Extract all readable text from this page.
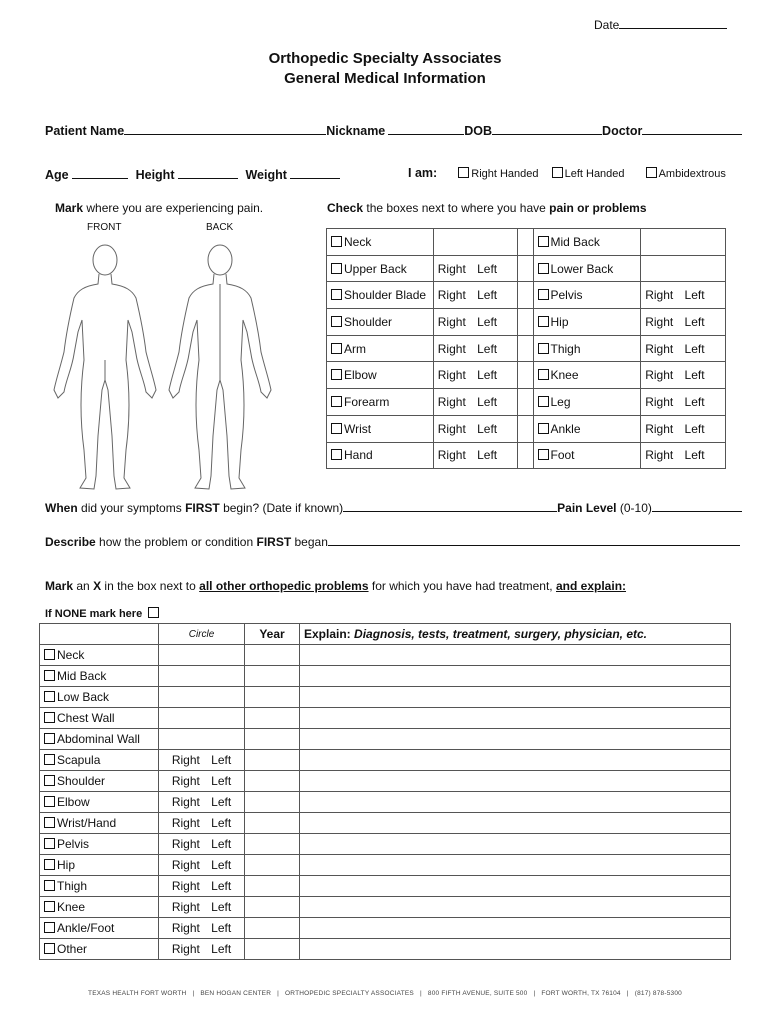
Date
Orthopedic Specialty Associates
General Medical Information
Patient Name	Nickname	DOB	Doctor
Age	Height	Weight	I am:	Right Handed Left Handed	Ambidextrous
Mark where you are experiencing pain.
FRONT	BACK
Check the boxes next to where you have pain or problems
Neck			Mid Back	
Upper Back	Right Left		Lower Back	
Shoulder Blade	Right Left		Pelvis	Right Left
Shoulder	Right Left		Hip	Right Left
Arm	Right Left		Thigh	Right Left
Elbow	Right Left		Knee	Right Left
Forearm	Right Left		Leg	Right Left
Wrist	Right Left		Ankle	Right Left
Hand	Right Left		Foot	Right Left
When did your symptoms FIRST begin? (Date if known)	Pain Level (0-10)
Describe how the problem or condition FIRST began
Mark an X in the box next to all other orthopedic problems for which you have had treatment, and explain:
If NONE mark here
	Circle	Year	Explain: Diagnosis, tests, treatment, surgery, physician, etc.
Neck			
Mid Back			
Low Back			
Chest Wall			
Abdominal Wall			
Scapula	Right Left		
Shoulder	Right Left		
Elbow	Right Left		
Wrist/Hand	Right Left		
Pelvis	Right Left		
Hip	Right Left		
Thigh	Right Left		
Knee	Right Left		
Ankle/Foot	Right Left		
Other	Right Left		
TEXAS HEALTH FORT WORTH   |   BEN HOGAN CENTER   |   ORTHOPEDIC SPECIALTY ASSOCIATES   |   800 FIFTH AVENUE, SUITE 500   |   FORT WORTH, TX 76104   |   (817) 878-5300
